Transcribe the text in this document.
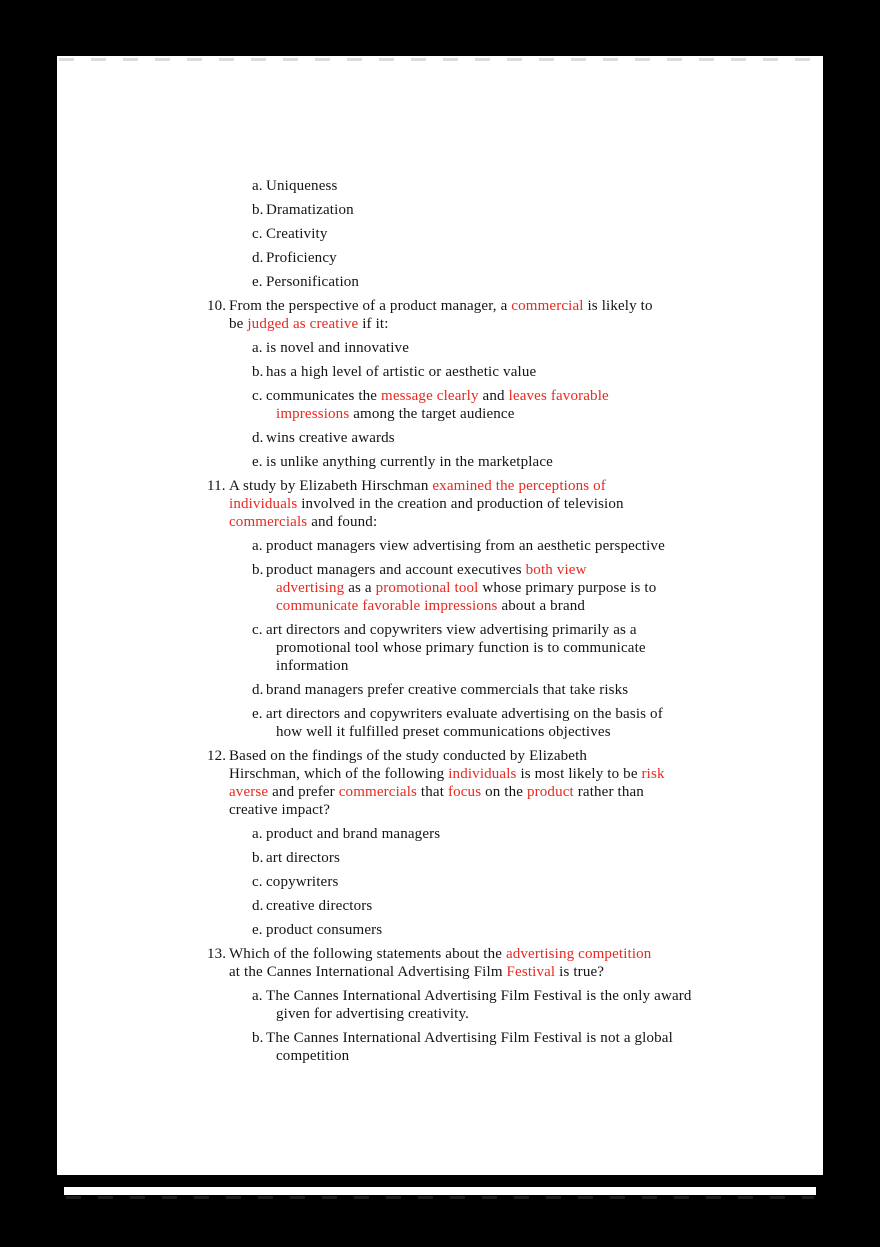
a. Uniqueness
b. Dramatization
c. Creativity
d. Proficiency
e. Personification
10. From the perspective of a product manager, a commercial is likely to
be judged as creative if it:
a. is novel and innovative
b. has a high level of artistic or aesthetic value
c. communicates the message clearly and leaves favorable
impressions among the target audience
d. wins creative awards
e. is unlike anything currently in the marketplace
11. A study by Elizabeth Hirschman examined the perceptions of
individuals involved in the creation and production of television
commercials and found:
a. product managers view advertising from an aesthetic perspective
b. product managers and account executives both view
advertising as a promotional tool whose primary purpose is to
communicate favorable impressions about a brand
c. art directors and copywriters view advertising primarily as a
promotional tool whose primary function is to communicate
information
d. brand managers prefer creative commercials that take risks
e. art directors and copywriters evaluate advertising on the basis of
how well it fulfilled preset communications objectives
12. Based on the findings of the study conducted by Elizabeth
Hirschman, which of the following individuals is most likely to be risk
averse and prefer commercials that focus on the product rather than
creative impact?
a. product and brand managers
b. art directors
c. copywriters
d. creative directors
e. product consumers
13. Which of the following statements about the advertising competition
at the Cannes International Advertising Film Festival is true?
a. The Cannes International Advertising Film Festival is the only award
given for advertising creativity.
b. The Cannes International Advertising Film Festival is not a global
competition
